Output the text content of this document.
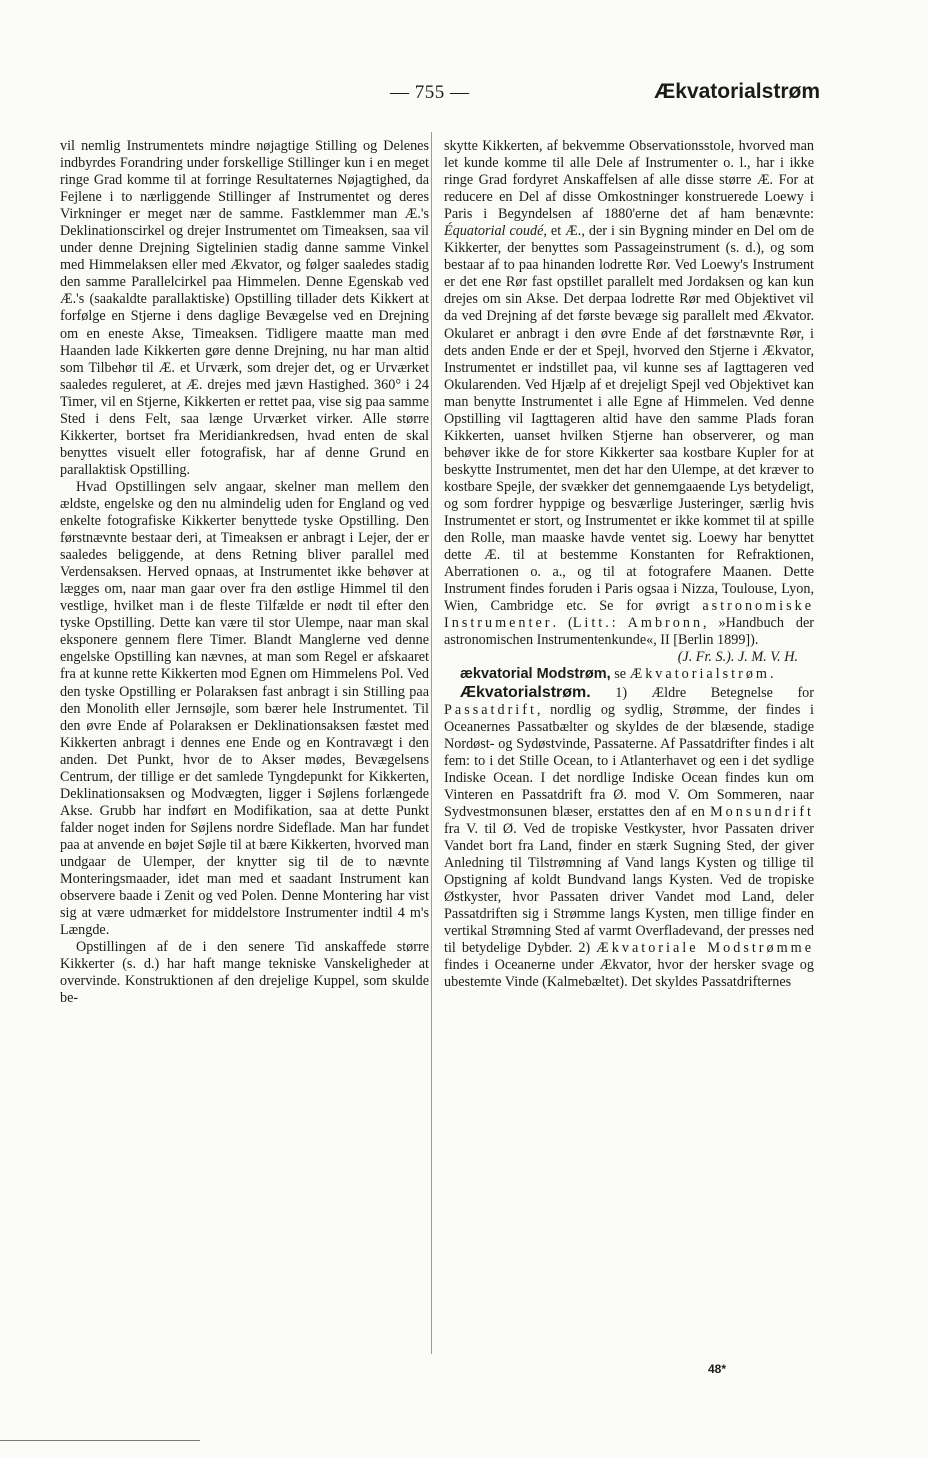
— 755 —	Ækvatorialstrøm

vil nemlig Instrumentets mindre nøjagtige Stilling og Delenes indbyrdes Forandring under forskellige Stillinger kun i en meget ringe Grad komme til at forringe Resultaternes Nøjagtighed, da Fejlene i to nærliggende Stillinger af Instrumentet og deres Virkninger er meget nær de samme. Fastklemmer man Æ.'s Deklinationscirkel og drejer Instrumentet om Timeaksen, saa vil under denne Drejning Sigtelinien stadig danne samme Vinkel med Himmelaksen eller med Ækvator, og følger saaledes stadig den samme Parallelcirkel paa Himmelen. Denne Egenskab ved Æ.'s (saakaldte parallaktiske) Opstilling tillader dets Kikkert at forfølge en Stjerne i dens daglige Bevægelse ved en Drejning om en eneste Akse, Timeaksen. Tidligere maatte man med Haanden lade Kikkerten gøre denne Drejning, nu har man altid som Tilbehør til Æ. et Urværk, som drejer det, og er Urværket saaledes reguleret, at Æ. drejes med jævn Hastighed. 360° i 24 Timer, vil en Stjerne, Kikkerten er rettet paa, vise sig paa samme Sted i dens Felt, saa længe Urværket virker. Alle større Kikkerter, bortset fra Meridiankredsen, hvad enten de skal benyttes visuelt eller fotografisk, har af denne Grund en parallaktisk Opstilling.

Hvad Opstillingen selv angaar, skelner man mellem den ældste, engelske og den nu almindelig uden for England og ved enkelte fotografiske Kikkerter benyttede tyske Opstilling. Den førstnævnte bestaar deri, at Timeaksen er anbragt i Lejer, der er saaledes beliggende, at dens Retning bliver parallel med Verdensaksen. Herved opnaas, at Instrumentet ikke behøver at lægges om, naar man gaar over fra den østlige Himmel til den vestlige, hvilket man i de fleste Tilfælde er nødt til efter den tyske Opstilling. Dette kan være til stor Ulempe, naar man skal eksponere gennem flere Timer. Blandt Manglerne ved denne engelske Opstilling kan nævnes, at man som Regel er afskaaret fra at kunne rette Kikkerten mod Egnen om Himmelens Pol. Ved den tyske Opstilling er Polaraksen fast anbragt i sin Stilling paa den Monolith eller Jernsøjle, som bærer hele Instrumentet. Til den øvre Ende af Polaraksen er Deklinationsaksen fæstet med Kikkerten anbragt i dennes ene Ende og en Kontravægt i den anden. Det Punkt, hvor de to Akser mødes, Bevægelsens Centrum, der tillige er det samlede Tyngdepunkt for Kikkerten, Deklinationsaksen og Modvægten, ligger i Søjlens forlængede Akse. Grubb har indført en Modifikation, saa at dette Punkt falder noget inden for Søjlens nordre Sideflade. Man har fundet paa at anvende en bøjet Søjle til at bære Kikkerten, hvorved man undgaar de Ulemper, der knytter sig til de to nævnte Monteringsmaader, idet man med et saadant Instrument kan observere baade i Zenit og ved Polen. Denne Montering har vist sig at være udmærket for middelstore Instrumenter indtil 4 m's Længde.

Opstillingen af de i den senere Tid anskaffede større Kikkerter (s. d.) har haft mange tekniske Vanskeligheder at overvinde. Konstruktionen af den drejelige Kuppel, som skulde be-

skytte Kikkerten, af bekvemme Observationsstole, hvorved man let kunde komme til alle Dele af Instrumenter o. l., har i ikke ringe Grad fordyret Anskaffelsen af alle disse større Æ. For at reducere en Del af disse Omkostninger konstruerede Loewy i Paris i Begyndelsen af 1880'erne det af ham benævnte: Équatorial coudé, et Æ., der i sin Bygning minder en Del om de Kikkerter, der benyttes som Passageinstrument (s. d.), og som bestaar af to paa hinanden lodrette Rør. Ved Loewy's Instrument er det ene Rør fast opstillet parallelt med Jordaksen og kan kun drejes om sin Akse. Det derpaa lodrette Rør med Objektivet vil da ved Drejning af det første bevæge sig parallelt med Ækvator. Okularet er anbragt i den øvre Ende af det førstnævnte Rør, i dets anden Ende er der et Spejl, hvorved den Stjerne i Ækvator, Instrumentet er indstillet paa, vil kunne ses af Iagttageren ved Okularenden. Ved Hjælp af et drejeligt Spejl ved Objektivet kan man benytte Instrumentet i alle Egne af Himmelen. Ved denne Opstilling vil Iagttageren altid have den samme Plads foran Kikkerten, uanset hvilken Stjerne han observerer, og man behøver ikke de for store Kikkerter saa kostbare Kupler for at beskytte Instrumentet, men det har den Ulempe, at det kræver to kostbare Spejle, der svækker det gennemgaaende Lys betydeligt, og som fordrer hyppige og besværlige Justeringer, særlig hvis Instrumentet er stort, og Instrumentet er ikke kommet til at spille den Rolle, man maaske havde ventet sig. Loewy har benyttet dette Æ. til at bestemme Konstanten for Refraktionen, Aberrationen o. a., og til at fotografere Maanen. Dette Instrument findes foruden i Paris ogsaa i Nizza, Toulouse, Lyon, Wien, Cambridge etc. Se for øvrigt astronomiske Instrumenter. (Litt.: Ambronn, »Handbuch der astronomischen Instrumentenkunde«, II [Berlin 1899]).

(J. Fr. S.). J. M. V. H.

ækvatorial Modstrøm, se Ækvatorialstrøm.

Ækvatorialstrøm. 1) Ældre Betegnelse for Passatdrift, nordlig og sydlig, Strømme, der findes i Oceanernes Passatbælter og skyldes de der blæsende, stadige Nordøst- og Sydøstvinde, Passaterne. Af Passatdrifter findes i alt fem: to i det Stille Ocean, to i Atlanterhavet og een i det sydlige Indiske Ocean. I det nordlige Indiske Ocean findes kun om Vinteren en Passatdrift fra Ø. mod V. Om Sommeren, naar Sydvestmonsunen blæser, erstattes den af en Monsundrift fra V. til Ø. Ved de tropiske Vestkyster, hvor Passaten driver Vandet bort fra Land, finder en stærk Sugning Sted, der giver Anledning til Tilstrømning af Vand langs Kysten og tillige til Opstigning af koldt Bundvand langs Kysten. Ved de tropiske Østkyster, hvor Passaten driver Vandet mod Land, deler Passatdriften sig i Strømme langs Kysten, men tillige finder en vertikal Strømning Sted af varmt Overfladevand, der presses ned til betydelige Dybder. 2) Ækvatoriale Modstrømme findes i Oceanerne under Ækvator, hvor der hersker svage og ubestemte Vinde (Kalmebæltet). Det skyldes Passatdrifternes

48*
